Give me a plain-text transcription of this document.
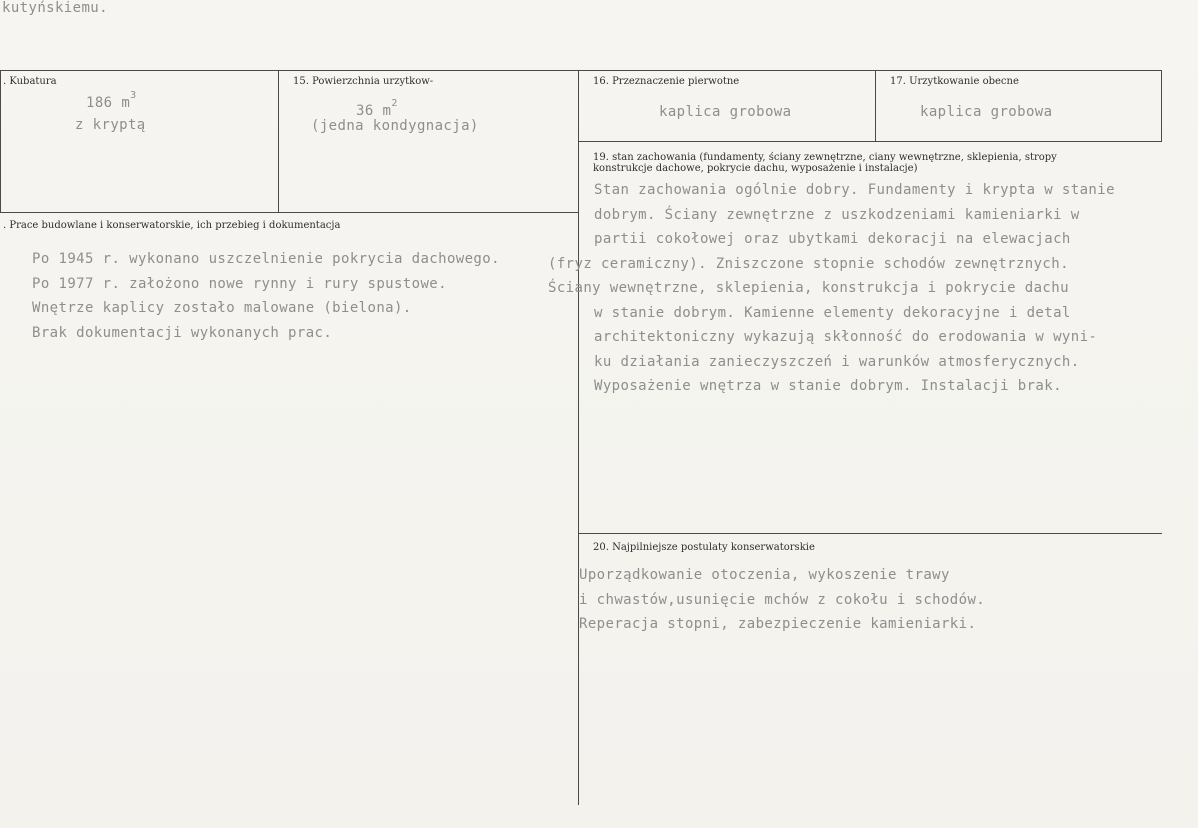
kutyńskiemu.
. Kubatura
186 $m^3$
z kryptą
15. Powierzchnia urzytkow-
36 $m^2$
(jedna kondygnacja)
16. Przeznaczenie pierwotne
kaplica grobowa
17. Urzytkowanie obecne
kaplica grobowa
19. stan zachowania (fundamenty, ściany zewnętrzne, ciany wewnętrzne, sklepienia, stropy
konstrukcje dachowe, pokrycie dachu, wyposażenie i instalacje)
Stan zachowania ogólnie dobry. Fundamenty i krypta w stanie
dobrym. Ściany zewnętrzne z uszkodzeniami kamieniarki w
partii cokołowej oraz ubytkami dekoracji na elewacjach
(fryz ceramiczny). Zniszczone stopnie schodów zewnętrznych.
Ściany wewnętrzne, sklepienia, konstrukcja i pokrycie dachu
w stanie dobrym. Kamienne elementy dekoracyjne i detal
architektoniczny wykazują skłonność do erodowania w wyni-
ku działania zanieczyszczeń i warunków atmosferycznych.
Wyposażenie wnętrza w stanie dobrym. Instalacji brak.
. Prace budowlane i konserwatorskie, ich przebieg i dokumentacja
Po 1945 r. wykonano uszczelnienie pokrycia dachowego.
Po 1977 r. założono nowe rynny i rury spustowe.
Wnętrze kaplicy zostało malowane (bielona).
Brak dokumentacji wykonanych prac.
20. Najpilniejsze postulaty konserwatorskie
Uporządkowanie otoczenia, wykoszenie trawy
i chwastów,usunięcie mchów z cokołu i schodów.
Reperacja stopni, zabezpieczenie kamieniarki.
